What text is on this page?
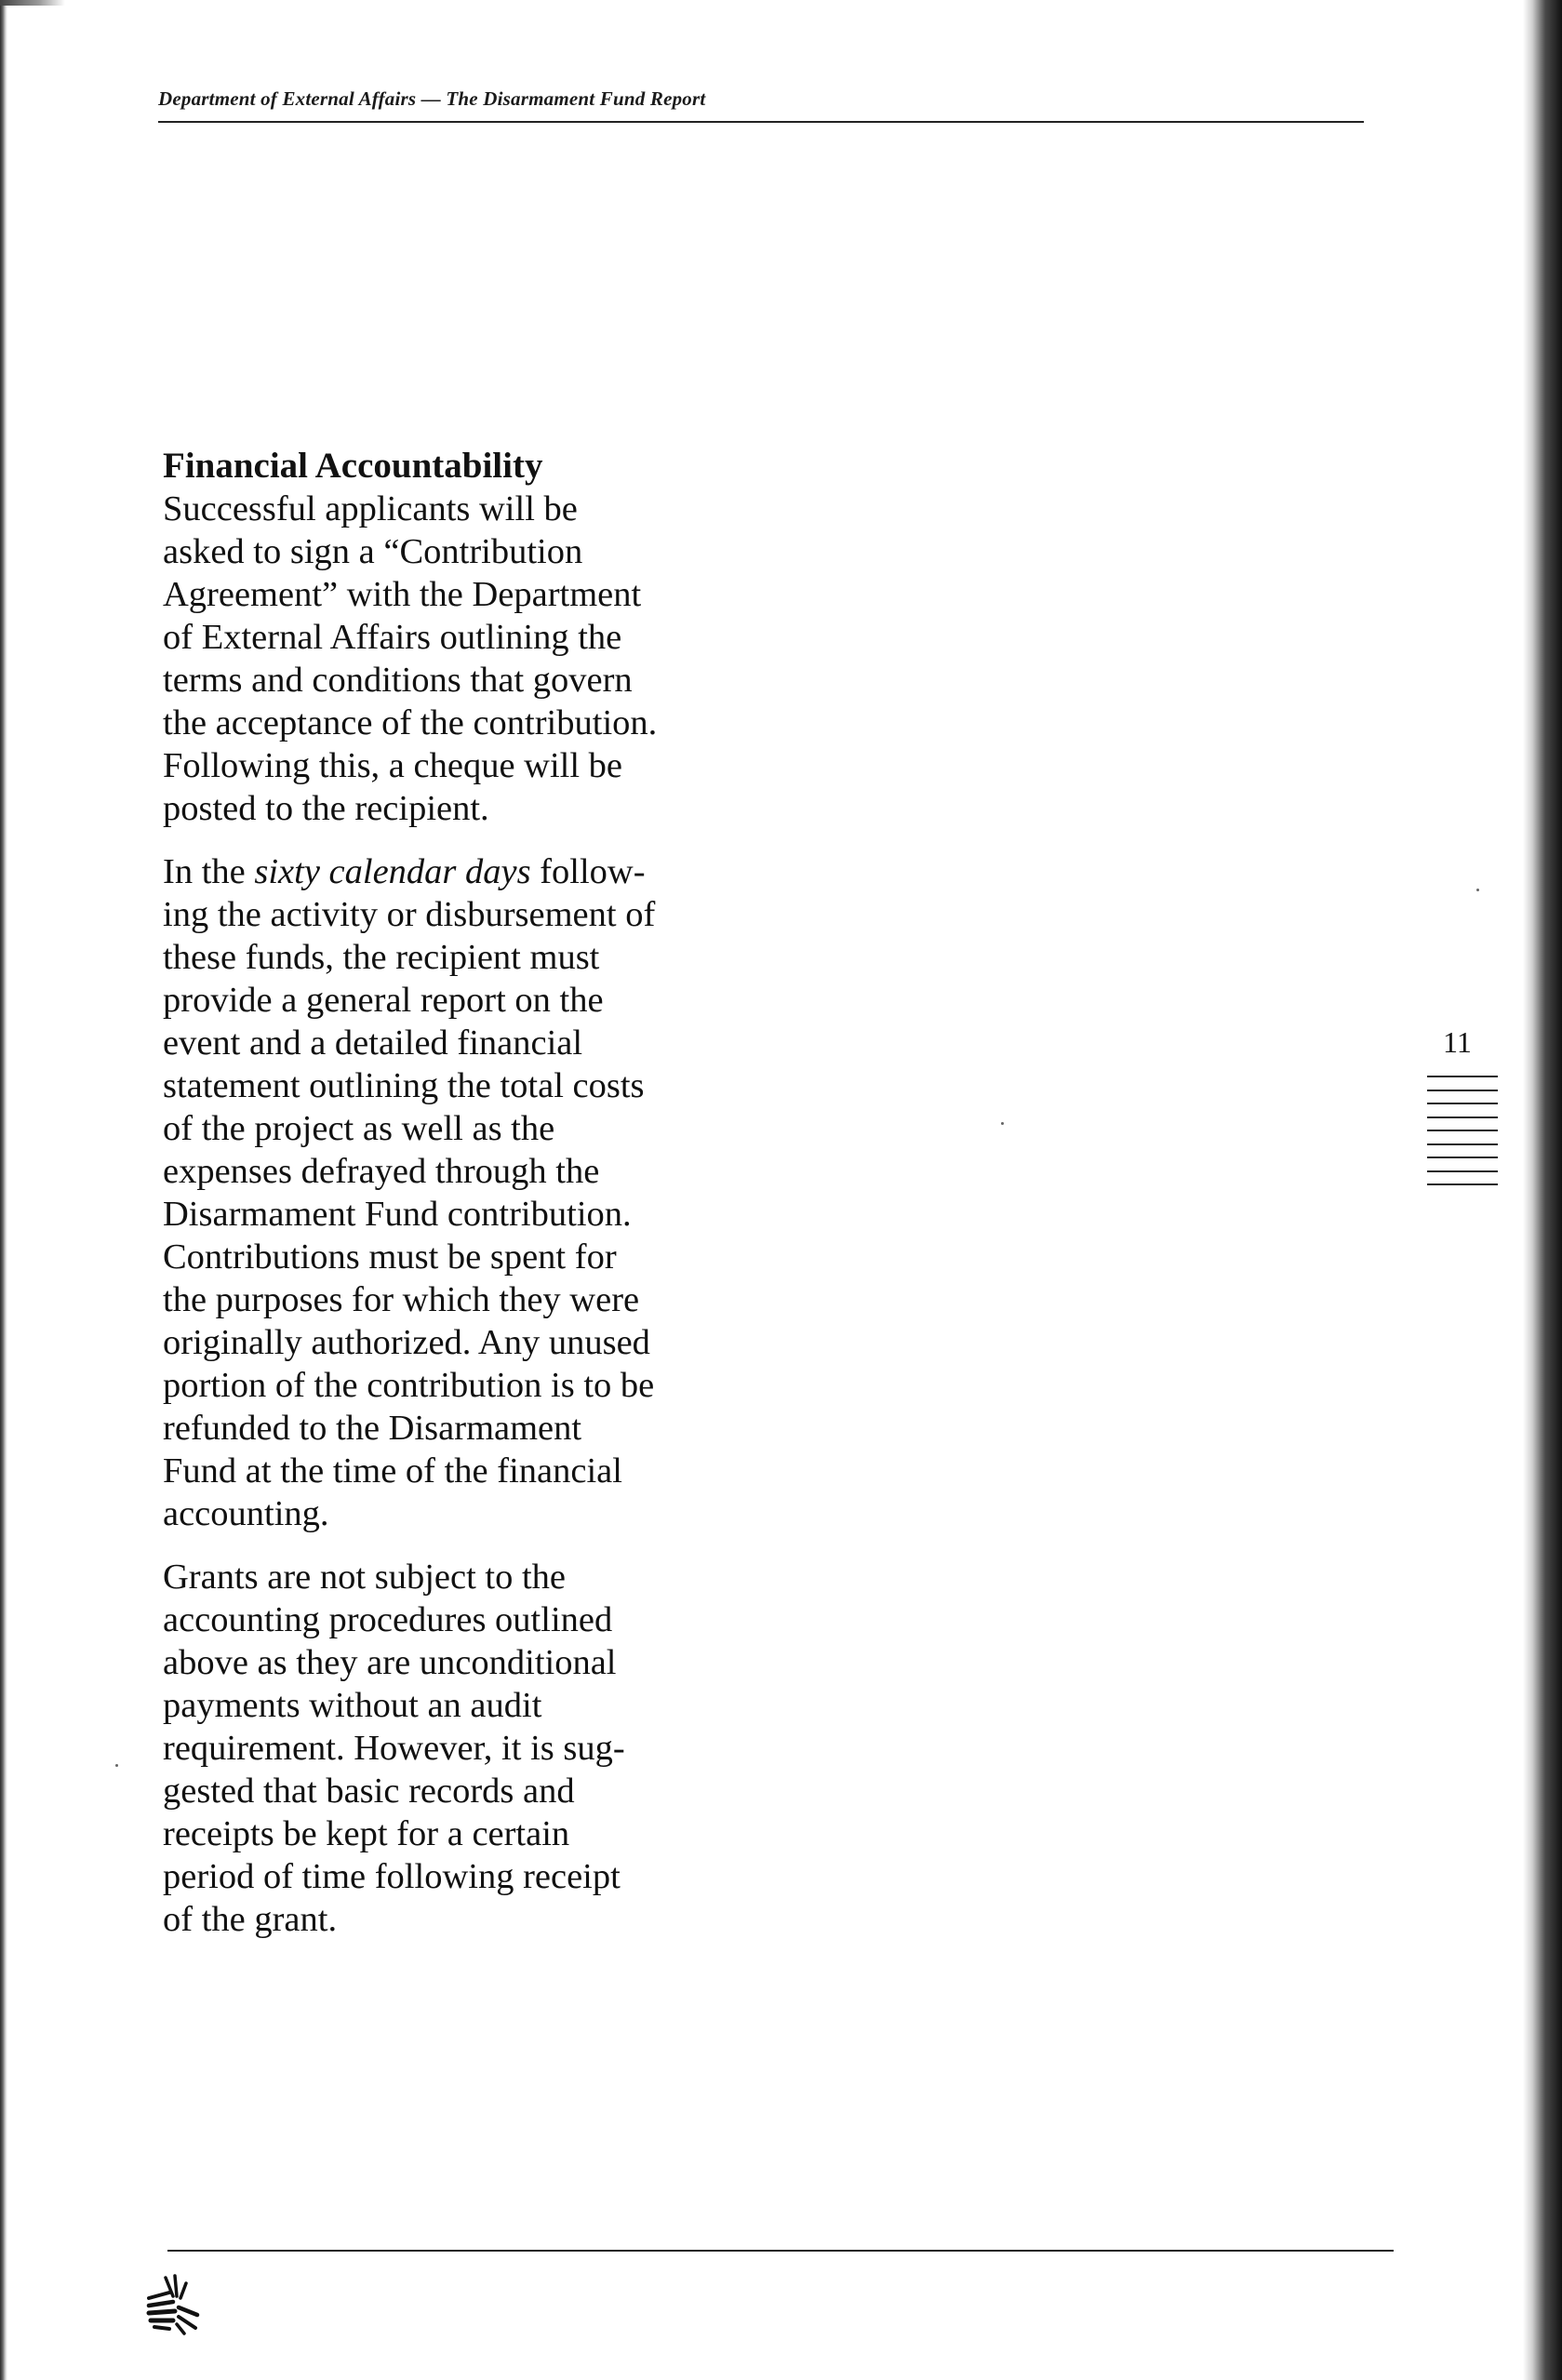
Department of External Affairs — The Disarmament Fund Report

Financial Accountability

Successful applicants will be
asked to sign a “Contribution
Agreement” with the Department
of External Affairs outlining the
terms and conditions that govern
the acceptance of the contribution.
Following this, a cheque will be
posted to the recipient.

In the sixty calendar days follow-
ing the activity or disbursement of
these funds, the recipient must
provide a general report on the
event and a detailed financial
statement outlining the total costs
of the project as well as the
expenses defrayed through the
Disarmament Fund contribution.
Contributions must be spent for
the purposes for which they were
originally authorized. Any unused
portion of the contribution is to be
refunded to the Disarmament
Fund at the time of the financial
accounting.

Grants are not subject to the
accounting procedures outlined
above as they are unconditional
payments without an audit
requirement. However, it is sug-
gested that basic records and
receipts be kept for a certain
period of time following receipt
of the grant.

11
